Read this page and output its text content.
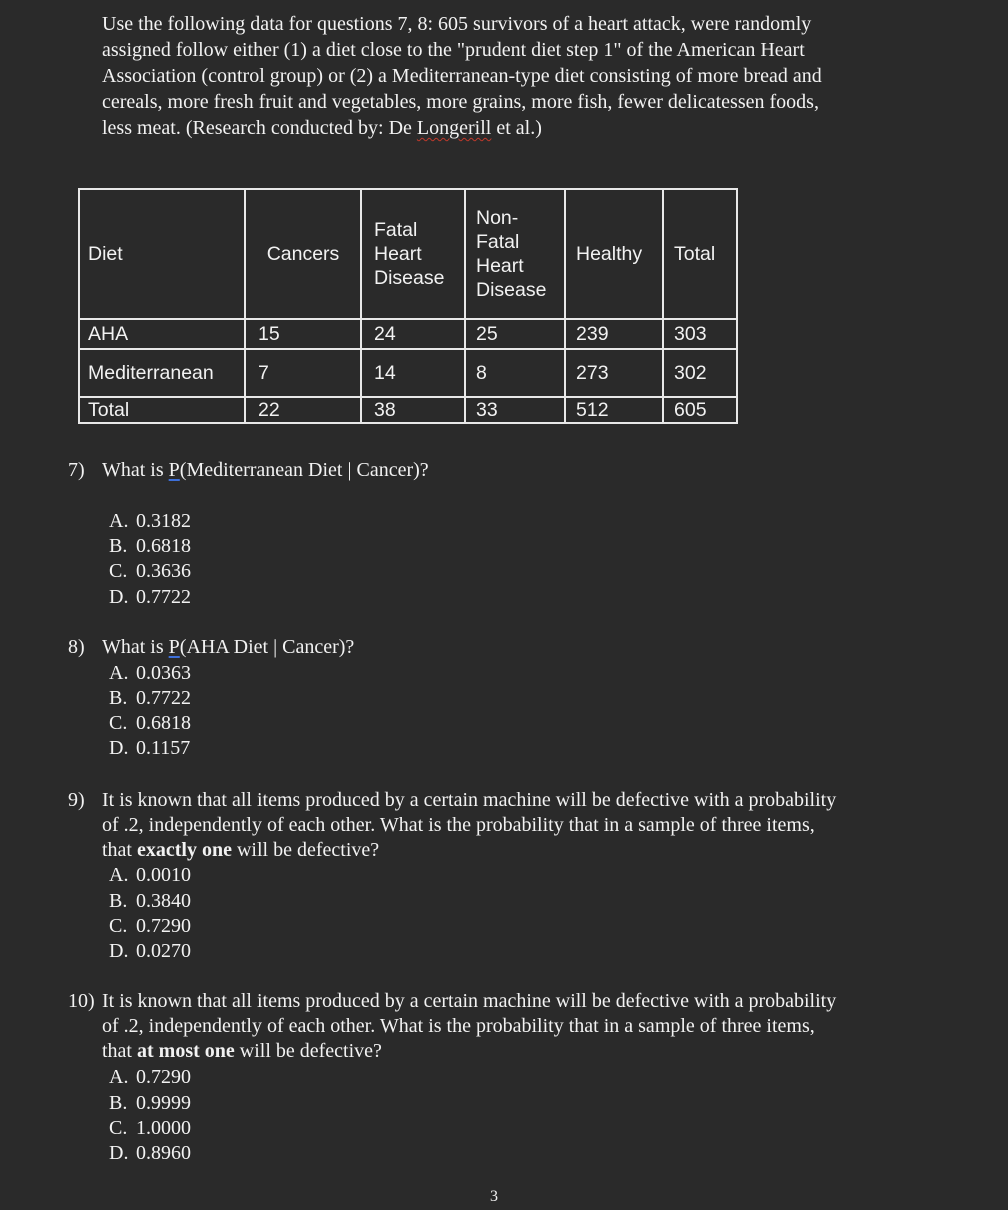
Use the following data for questions 7, 8: 605 survivors of a heart attack, were randomly
assigned follow either (1) a diet close to the "prudent diet step 1" of the American Heart
Association (control group) or (2) a Mediterranean-type diet consisting of more bread and
cereals, more fresh fruit and vegetables, more grains, more fish, fewer delicatessen foods,
less meat. (Research conducted by: De Longerill et al.)
Diet	Cancers	Fatal
Heart
Disease	Non-
Fatal
Heart
Disease	Healthy	Total
AHA	15	24	25	239	303
Mediterranean	7	14	8	273	302
Total	22	38	33	512	605
7) What is P(Mediterranean Diet | Cancer)?
A. 0.3182
B. 0.6818
C. 0.3636
D. 0.7722
8) What is P(AHA Diet | Cancer)?
A. 0.0363
B. 0.7722
C. 0.6818
D. 0.1157
9) It is known that all items produced by a certain machine will be defective with a probability
of .2, independently of each other. What is the probability that in a sample of three items,
that exactly one will be defective?
A. 0.0010
B. 0.3840
C. 0.7290
D. 0.0270
10) It is known that all items produced by a certain machine will be defective with a probability
of .2, independently of each other. What is the probability that in a sample of three items,
that at most one will be defective?
A. 0.7290
B. 0.9999
C. 1.0000
D. 0.8960
3
